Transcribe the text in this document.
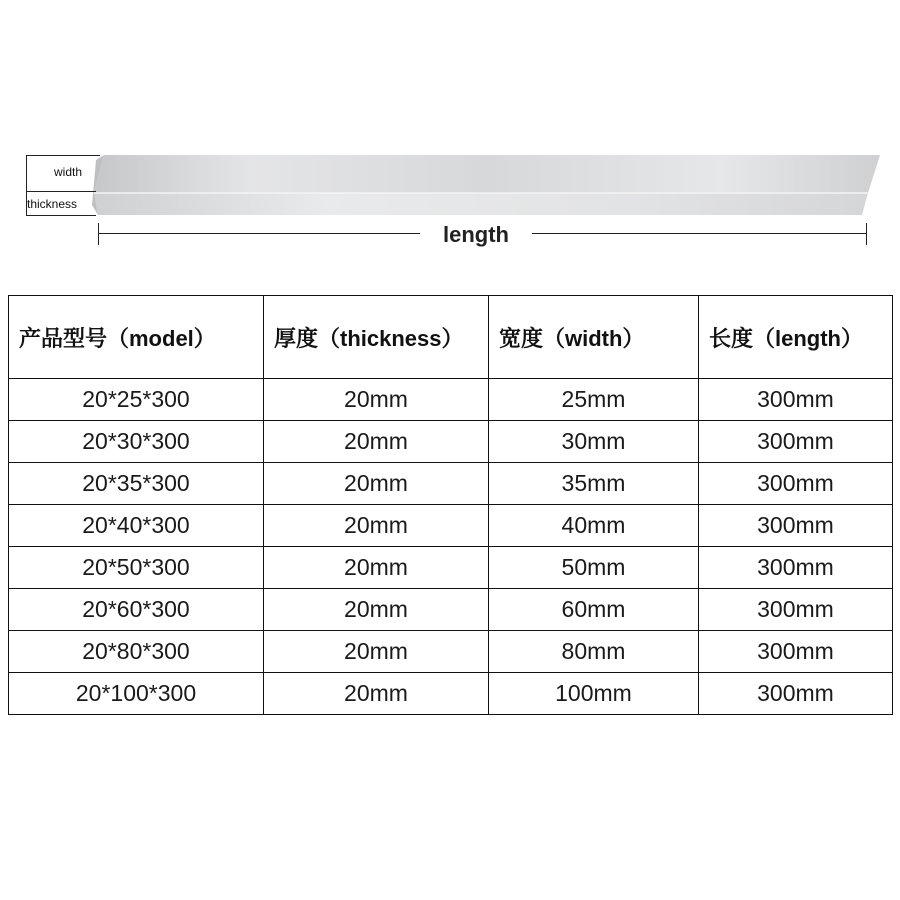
width
thickness
length
产品型号（model）	厚度（thickness）	宽度（width）	长度（length）
20*25*300	20mm	25mm	300mm
20*30*300	20mm	30mm	300mm
20*35*300	20mm	35mm	300mm
20*40*300	20mm	40mm	300mm
20*50*300	20mm	50mm	300mm
20*60*300	20mm	60mm	300mm
20*80*300	20mm	80mm	300mm
20*100*300	20mm	100mm	300mm
